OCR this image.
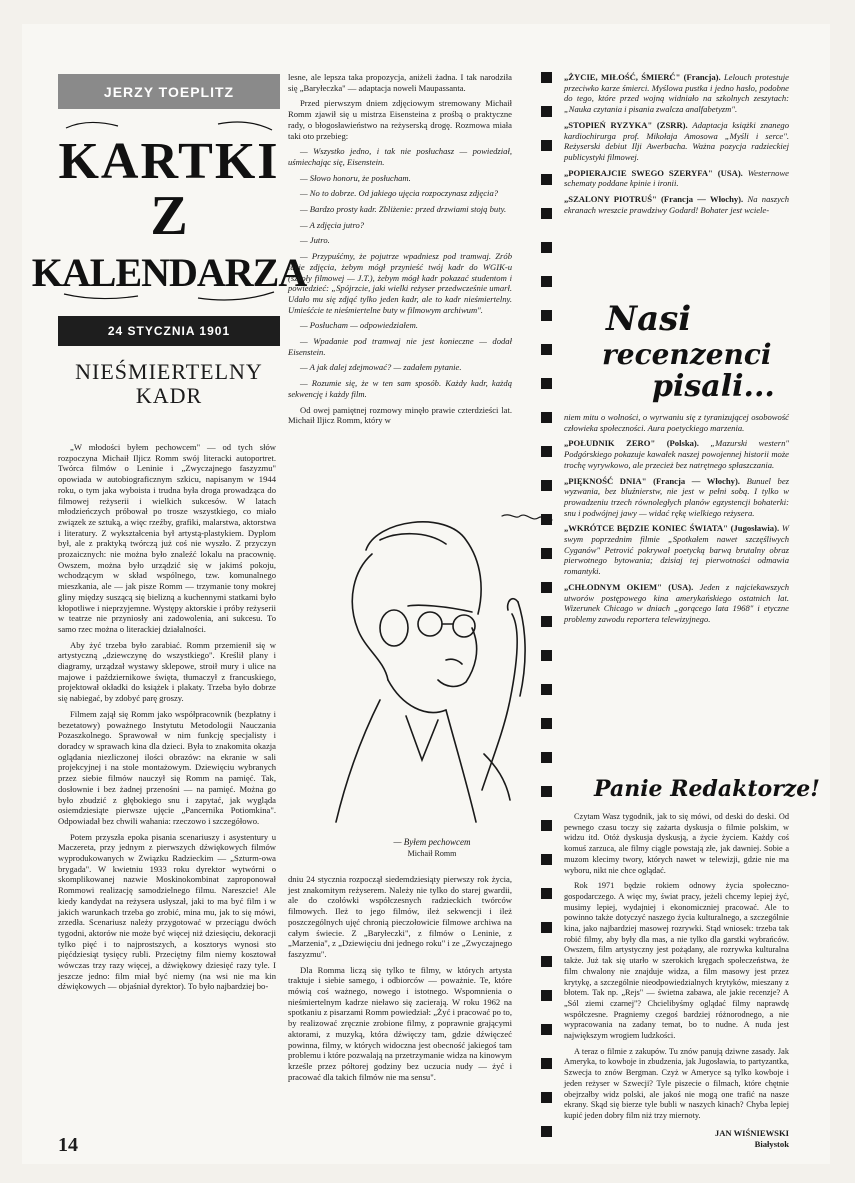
JERZY TOEPLITZ
KARTKI
Z
KALENDARZA
24 STYCZNIA 1901
NIEŚMIERTELNY
KADR

„W młodości byłem pechowcem" — od tych słów rozpoczyna Michaił Iljicz Romm swój literacki autoportret. Twórca filmów o Leninie i „Zwyczajnego faszyzmu" opowiada w autobiograficznym szkicu, napisanym w 1944 roku, o tym jaka wyboista i trudna była droga prowadząca do filmowej reżyserii i wielkich sukcesów. W latach młodzieńczych próbował po trosze wszystkiego, co miało związek ze sztuką, a więc rzeźby, grafiki, malarstwa, aktorstwa i literatury. Z wykształcenia był artystą-plastykiem. Dyplom był, ale z praktyką twórczą już coś nie wyszło. Z przyczyn prozaicznych: nie można było znaleźć lokalu na pracownię. Owszem, można było urządzić się w jakimś pokoju, wchodzącym w skład wspólnego, tzw. komunalnego mieszkania, ale — jak pisze Romm — trzymanie tony mokrej gliny między suszącą się bielizną a kuchennymi statkami było kłopotliwe i nieprzyjemne. Występy aktorskie i próby reżyserii w teatrze nie przyniosły ani zadowolenia, ani sukcesu. To samo rzec można o literackiej działalności.

Aby żyć trzeba było zarabiać. Romm przemienił się w artystyczną „dziewczynę do wszystkiego". Kreślił plany i diagramy, urządzał wystawy sklepowe, stroił mury i ulice na majowe i październikowe święta, tłumaczył z francuskiego, projektował okładki do książek i plakaty. Trzeba było dobrze się nabiegać, by zdobyć parę groszy.

Filmem zajął się Romm jako współpracownik (bezpłatny i bezetatowy) poważnego Instytutu Metodologii Nauczania Pozaszkolnego. Sprawował w nim funkcję specjalisty i doradcy w sprawach kina dla dzieci. Była to znakomita okazja oglądania niezliczonej ilości obrazów: na ekranie w sali projekcyjnej i na stole montażowym. Dziewięciu wybranych przez siebie filmów nauczył się Romm na pamięć. Tak, dosłownie i bez żadnej przenośni — na pamięć. Można go było zbudzić z głębokiego snu i zapytać, jak wygląda osiemdziesiąte pierwsze ujęcie „Pancernika Potiomkina". Odpowiadał bez chwili wahania: rzeczowo i szczegółowo.

Potem przyszła epoka pisania scenariuszy i asystentury u Maczereta, przy jednym z pierwszych dźwiękowych filmów wyprodukowanych w Związku Radzieckim — „Szturm-owa brygada". W kwietniu 1933 roku dyrektor wytwórni o skomplikowanej nazwie Moskinokombinat zaproponował Rommowi realizację samodzielnego filmu. Nareszcie! Ale kiedy kandydat na reżysera usłyszał, jaki to ma być film i w jakich warunkach trzeba go zrobić, mina mu, jak to się mówi, zrzedła. Scenariusz należy przygotować w przeciągu dwóch tygodni, aktorów nie może być więcej niż dziesięciu, dekoracji tylko pięć i to najprostszych, a kosztorys wynosi sto pięćdziesiąt tysięcy rubli. Przeciętny film niemy kosztował wówczas trzy razy więcej, a dźwiękowy dziesięć razy tyle. I jeszcze jedno: film miał być niemy (na wsi nie ma kin dźwiękowych — objaśniał dyrektor). To było najbardziej bo-

lesne, ale lepsza taka propozycja, aniżeli żadna. I tak narodziła się „Baryłeczka" — adaptacja noweli Maupassanta.

Przed pierwszym dniem zdjęciowym stremowany Michaił Romm zjawił się u mistrza Eisensteina z prośbą o praktyczne rady, o błogosławieństwo na reżyserską drogę. Rozmowa miała taki oto przebieg:

— Wszystko jedno, i tak nie posłuchasz — powiedział, uśmiechając się, Eisenstein.

— Słowo honoru, że posłucham.

— No to dobrze. Od jakiego ujęcia rozpoczynasz zdjęcia?

— Bardzo prosty kadr. Zbliżenie: przed drzwiami stoją buty.

— A zdjęcia jutro?

— Jutro.

— Przypuśćmy, że pojutrze wpadniesz pod tramwaj. Zrób takie zdjęcia, żebym mógł przynieść twój kadr do WGIK-u (szkoły filmowej — J.T.), żebym mógł kadr pokazać studentom i powiedzieć: „Spójrzcie, jaki wielki reżyser przedwcześnie umarł. Udało mu się zdjąć tylko jeden kadr, ale to kadr nieśmiertelny. Umieśćcie te nieśmiertelne buty w filmowym archiwum".

— Posłucham — odpowiedziałem.

— Wpadanie pod tramwaj nie jest konieczne — dodał Eisenstein.

— A jak dalej zdejmować? — zadałem pytanie.

— Rozumie się, że w ten sam sposób. Każdy kadr, każdą sekwencję i każdy film.

Od owej pamiętnej rozmowy minęło prawie czterdzieści lat. Michaił Iljicz Romm, który w

— Byłem pechowcem
Michaił Romm

dniu 24 stycznia rozpoczął siedemdziesiąty pierwszy rok życia, jest znakomitym reżyserem. Należy nie tylko do starej gwardii, ale do czołówki współczesnych radzieckich twórców filmowych. Ileż to jego filmów, ileż sekwencji i ileż poszczególnych ujęć chronią pieczołowicie filmowe archiwa na całym świecie. Z „Baryłeczki", z filmów o Leninie, z „Marzenia", z „Dziewięciu dni jednego roku" i ze „Zwyczajnego faszyzmu".

Dla Romma liczą się tylko te filmy, w których artysta traktuje i siebie samego, i odbiorców — poważnie. Te, które mówią coś ważnego, nowego i istotnego. Wspomnienia o nieśmiertelnym kadrze nieławo się zacierają. W roku 1962 na spotkaniu z pisarzami Romm powiedział: „Żyć i pracować po to, by realizować zręcznie zrobione filmy, z poprawnie grającymi aktorami, z muzyką, która dźwięczy tam, gdzie dźwięczeć powinna, filmy, w których widoczna jest obecność jakiegoś tam problemu i które pozwalają na przetrzymanie widza na kinowym krześle przez półtorej godziny bez uczucia nudy — żyć i pracować dla takich filmów nie ma sensu".

„ŻYCIE, MIŁOŚĆ, ŚMIERĆ" (Francja). Lelouch protestuje przeciwko karze śmierci. Myślowa pustka i jedno hasło, podobne do tego, które przed wojną widniało na szkolnych zeszytach: „Nauka czytania i pisania zwalcza analfabetyzm".

„STOPIEŃ RYZYKA" (ZSRR). Adaptacja książki znanego kardiochirurga prof. Mikołaja Amosowa „Myśli i serce". Reżyserski debiut Ilji Awerbacha. Ważna pozycja radzieckiej publicystyki filmowej.

„POPIERAJCIE SWEGO SZERYFA" (USA). Westernowe schematy poddane kpinie i ironii.

„SZALONY PIOTRUŚ" (Francja — Włochy). Na naszych ekranach wreszcie prawdziwy Godard! Bohater jest wciele-

Nasi
recenzenci
pisali...

niem mitu o wolności, o wyrwaniu się z tyranizującej osobowość człowieka społeczności. Aura poetyckiego marzenia.

„POŁUDNIK ZERO" (Polska). „Mazurski western" Podgórskiego pokazuje kawałek naszej powojennej historii może trochę wyrywkowo, ale przecież bez natrętnego spłaszczania.

„PIĘKNOŚĆ DNIA" (Francja — Włochy). Bunuel bez wyzwania, bez bluźnierstw, nie jest w pełni sobą. I tylko w prowadzeniu trzech równoległych planów egzystencji bohaterki: snu i podwójnej jawy — widać rękę wielkiego reżysera.

„WKRÓTCE BĘDZIE KONIEC ŚWIATA" (Jugosławia). W swym poprzednim filmie „Spotkałem nawet szczęśliwych Cyganów" Petrović pokrywał poetycką barwą brutalny obraz pierwotnego bytowania; dzisiaj tej pierwotności odmawia romantyki.

„CHŁODNYM OKIEM" (USA). Jeden z najciekawszych utworów postępowego kina amerykańskiego ostatnich lat. Wizerunek Chicago w dniach „gorącego lata 1968" i etyczne problemy zawodu reportera telewizyjnego.

Panie Redaktorze!

Czytam Wasz tygodnik, jak to się mówi, od deski do deski. Od pewnego czasu toczy się zażarta dyskusja o filmie polskim, w widzu itd. Otóż dyskusja dyskusją, a życie życiem. Każdy coś komuś zarzuca, ale filmy ciągle powstają złe, jak dawniej. Sobie a muzom klecimy twory, których nawet w telewizji, gdzie nie ma wyboru, nikt nie chce oglądać.

Rok 1971 będzie rokiem odnowy życia społeczno-gospodarczego. A więc my, świat pracy, jeżeli chcemy lepiej żyć, musimy lepiej, wydajniej i ekonomiczniej pracować. Ale to powinno także dotyczyć naszego życia kulturalnego, a szczególnie kina, jako najbardziej masowej rozrywki. Stąd wniosek: trzeba tak robić filmy, aby były dla mas, a nie tylko dla garstki wybrańców. Owszem, film artystyczny jest pożądany, ale rozrywka kulturalna także. Już tak się utarło w szerokich kręgach społeczeństwa, że film chwalony nie znajduje widza, a film masowy jest przez krytykę, a szczególnie nieodpowiedzialnych krytyków, mieszany z błotem. Tak np. „Rejs" — świetna zabawa, ale jakie recenzje? A „Sól ziemi czarnej"? Chcielibyśmy oglądać filmy naprawdę współczesne. Pragniemy czegoś bardziej różnorodnego, a nie wypracowania na zadany temat, bo to nudne. A nuda jest największym wrogiem ludzkości.

A teraz o filmie z zakupów. Tu znów panują dziwne zasady. Jak Ameryka, to kowboje in zbudzenia, jak Jugosławia, to partyzantka, Szwecja to znów Bergman. Czyż w Ameryce są tylko kowboje i jeden reżyser w Szwecji? Tyle piszecie o filmach, które chętnie obejrzałby widz polski, ale jakoś nie mogą one trafić na nasze ekrany. Skąd się bierze tyle bubli w naszych kinach? Chyba lepiej kupić jeden dobry film niż trzy miernoty.

JAN WIŚNIEWSKI
Białystok
14
